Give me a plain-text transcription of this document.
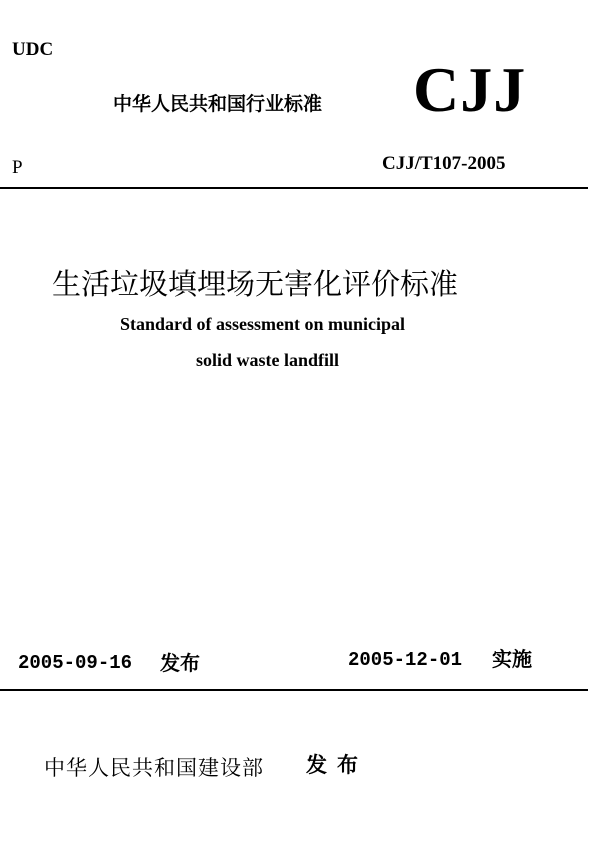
UDC
中华人民共和国行业标准 CJJ
P	CJJ/T107-2005
生活垃圾填埋场无害化评价标准
Standard of assessment on municipal
solid waste landfill
2005-09-16 发布	2005-12-01 实施
中华人民共和国建设部 发布
